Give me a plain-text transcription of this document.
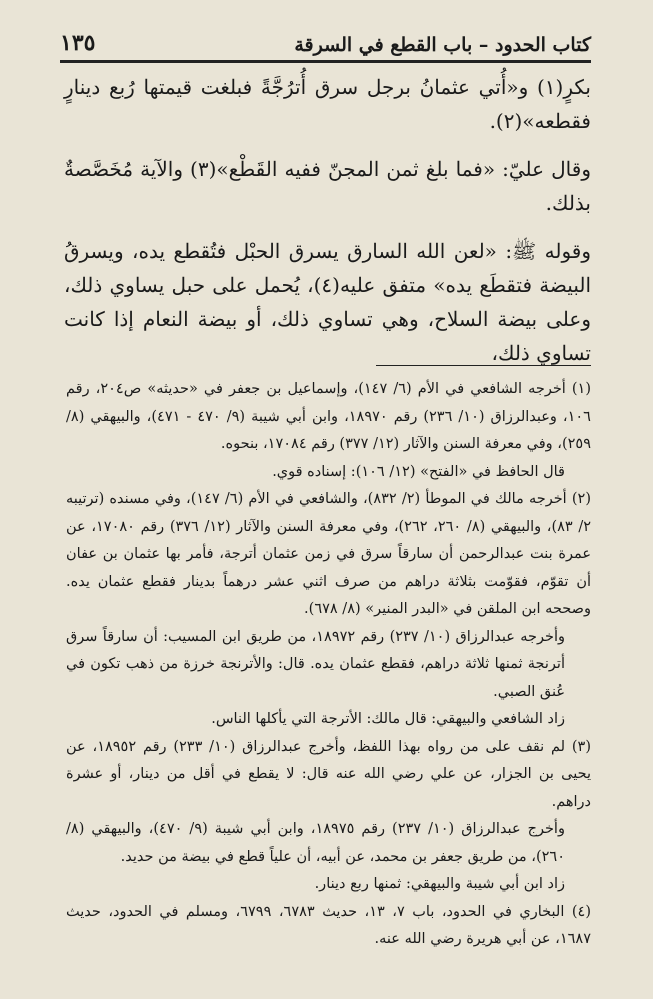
كتاب الحدود – باب القطع في السرقة
١٣٥

بكرٍ(١) و«أُتي عثمانُ برجل سرق أُترُجَّةً فبلغت قيمتها رُبع دينارٍ فقطعه»(٢).

وقال عليّ: «فما بلغ ثمن المجنّ ففيه القَطْع»(٣) والآية مُخَصَّصةٌ بذلك.

وقوله ﷺ: «لعن الله السارق يسرق الحبْل فتُقطع يده، ويسرقُ البيضة فتقطَع يده» متفق عليه(٤)، يُحمل على حبل يساوي ذلك، وعلى بيضة السلاح، وهي تساوي ذلك، أو بيضة النعام إذا كانت تساوي ذلك،

(١) أخرجه الشافعي في الأم (٦/ ١٤٧)، وإسماعيل بن جعفر في «حديثه» ص٢٠٤، رقم ١٠٦، وعبدالرزاق (١٠/ ٢٣٦) رقم ١٨٩٧٠، وابن أبي شيبة (٩/ ٤٧٠ - ٤٧١)، والبيهقي (٨/ ٢٥٩)، وفي معرفة السنن والآثار (١٢/ ٣٧٧) رقم ١٧٠٨٤، بنحوه.

قال الحافظ في «الفتح» (١٢/ ١٠٦): إسناده قوي.

(٢) أخرجه مالك في الموطأ (٢/ ٨٣٢)، والشافعي في الأم (٦/ ١٤٧)، وفي مسنده (ترتيبه ٢/ ٨٣)، والبيهقي (٨/ ٢٦٠، ٢٦٢)، وفي معرفة السنن والآثار (١٢/ ٣٧٦) رقم ١٧٠٨٠، عن عمرة بنت عبدالرحمن أن سارقاً سرق في زمن عثمان أترجة، فأمر بها عثمان بن عفان أن تقوّم، فقوّمت بثلاثة دراهم من صرف اثني عشر درهماً بدينار فقطع عثمان يده. وصححه ابن الملقن في «البدر المنير» (٨/ ٦٧٨).

وأخرجه عبدالرزاق (١٠/ ٢٣٧) رقم ١٨٩٧٢، من طريق ابن المسيب: أن سارقاً سرق أترنجة ثمنها ثلاثة دراهم، فقطع عثمان يده. قال: والأترنجة خرزة من ذهب تكون في عُنق الصبي.

زاد الشافعي والبيهقي: قال مالك: الأترجة التي يأكلها الناس.

(٣) لم نقف على من رواه بهذا اللفظ، وأخرج عبدالرزاق (١٠/ ٢٣٣) رقم ١٨٩٥٢، عن يحيى بن الجزار، عن علي رضي الله عنه قال: لا يقطع في أقل من دينار، أو عشرة دراهم.

وأخرج عبدالرزاق (١٠/ ٢٣٧) رقم ١٨٩٧٥، وابن أبي شيبة (٩/ ٤٧٠)، والبيهقي (٨/ ٢٦٠)، من طريق جعفر بن محمد، عن أبيه، أن علياً قطع في بيضة من حديد.

زاد ابن أبي شيبة والبيهقي: ثمنها ربع دينار.

(٤) البخاري في الحدود، باب ٧، ١٣، حديث ٦٧٨٣، ٦٧٩٩، ومسلم في الحدود، حديث ١٦٨٧، عن أبي هريرة رضي الله عنه.
